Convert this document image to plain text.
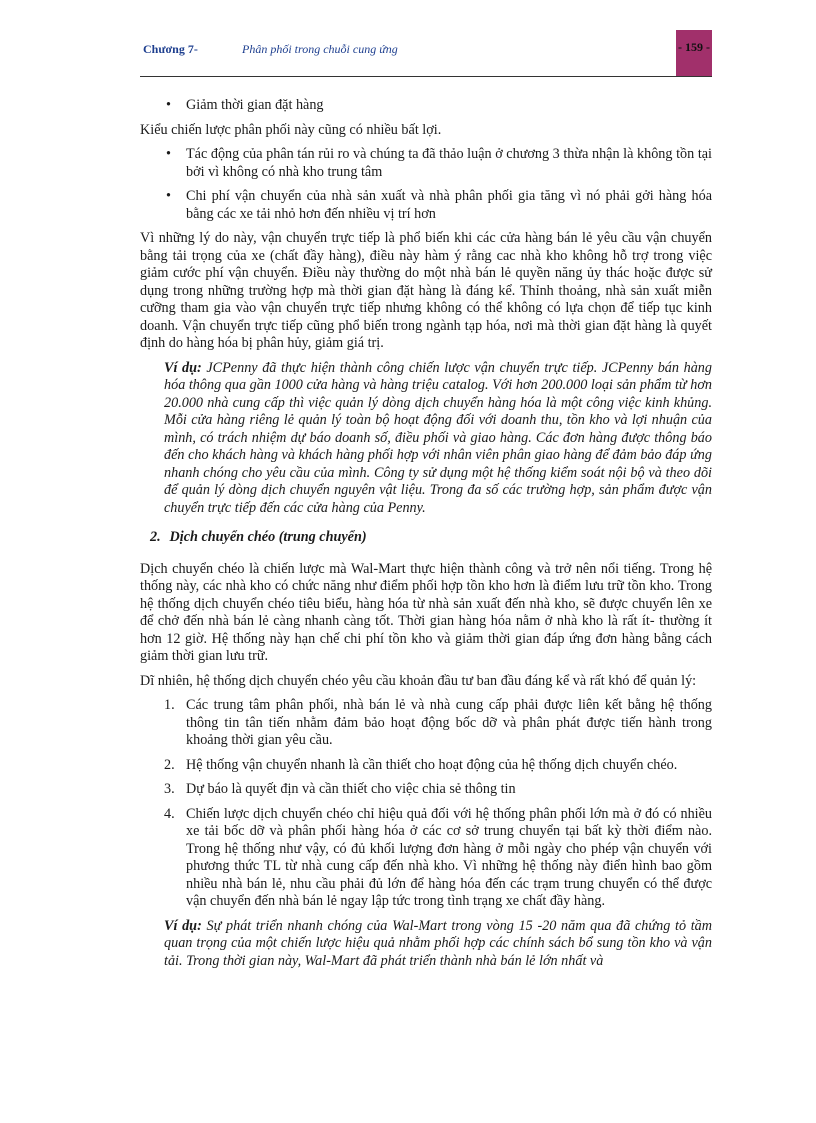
Chương 7-	Phân phối trong chuỗi cung ứng	- 159 -
• Giảm thời gian đặt hàng

Kiểu chiến lược phân phối này cũng có nhiều bất lợi.

• Tác động của phân tán rủi ro và chúng ta đã thảo luận ở chương 3 thừa nhận là không tồn tại bởi vì không có nhà kho trung tâm
• Chi phí vận chuyển của nhà sản xuất và nhà phân phối gia tăng vì nó phải gởi hàng hóa bằng các xe tải nhỏ hơn đến nhiều vị trí hơn

Vì những lý do này, vận chuyển trực tiếp là phổ biến khi các cửa hàng bán lẻ yêu cầu vận chuyển bằng tải trọng của xe (chất đầy hàng), điều này hàm ý rằng cac nhà kho không hỗ trợ trong việc giảm cước phí vận chuyển. Điều này thường do một nhà bán lẻ quyền năng ủy thác hoặc được sử dụng trong những trường hợp mà thời gian đặt hàng là đáng kể. Thỉnh thoảng, nhà sản xuất miễn cưỡng tham gia vào vận chuyển trực tiếp nhưng không có thể không có lựa chọn để tiếp tục kinh doanh. Vận chuyển trực tiếp cũng phổ biến trong ngành tạp hóa, nơi mà thời gian đặt hàng là quyết định do hàng hóa bị phân hủy, giảm giá trị.

Ví dụ: JCPenny đã thực hiện thành công chiến lược vận chuyển trực tiếp. JCPenny bán hàng hóa thông qua gần 1000 cửa hàng và hàng triệu catalog. Với hơn 200.000 loại sản phẩm từ hơn 20.000 nhà cung cấp thì việc quản lý dòng dịch chuyển hàng hóa là một công việc kinh khủng. Mỗi cửa hàng riêng lẻ quản lý toàn bộ hoạt động đối với doanh thu, tồn kho và lợi nhuận của mình, có trách nhiệm dự báo doanh số, điều phối và giao hàng. Các đơn hàng được thông báo đến cho khách hàng và khách hàng phối hợp với nhân viên phân giao hàng để đảm bảo đáp ứng nhanh chóng cho yêu cầu của mình. Công ty sử dụng một hệ thống kiểm soát nội bộ và theo dõi để quản lý dòng dịch chuyển nguyên vật liệu. Trong đa số các trường hợp, sản phẩm được vận chuyển trực tiếp đến các cửa hàng của Penny.

2. Dịch chuyển chéo (trung chuyển)

Dịch chuyển chéo là chiến lược mà Wal-Mart thực hiện thành công và trở nên nổi tiếng. Trong hệ thống này, các nhà kho có chức năng như điểm phối hợp tồn kho hơn là điểm lưu trữ tồn kho. Trong hệ thống dịch chuyển chéo tiêu biểu, hàng hóa từ nhà sản xuất đến nhà kho, sẽ được chuyển lên xe để chở đến nhà bán lẻ càng nhanh càng tốt. Thời gian hàng hóa nằm ở nhà kho là rất ít- thường ít hơn 12 giờ. Hệ thống này hạn chế chi phí tồn kho và giảm thời gian đáp ứng đơn hàng bằng cách giảm thời gian lưu trữ.

Dĩ nhiên, hệ thống dịch chuyển chéo yêu cầu khoản đầu tư ban đầu đáng kể và rất khó để quản lý:

1. Các trung tâm phân phối, nhà bán lẻ và nhà cung cấp phải được liên kết bằng hệ thống thông tin tân tiến nhằm đảm bảo hoạt động bốc dỡ và phân phát được tiến hành trong khoảng thời gian yêu cầu.
2. Hệ thống vận chuyển nhanh là cần thiết cho hoạt động của hệ thống dịch chuyển chéo.
3. Dự báo là quyết địn và cần thiết cho việc chia sẻ thông tin
4. Chiến lược dịch chuyển chéo chỉ hiệu quả đối với hệ thống phân phối lớn mà ở đó có nhiều xe tải bốc dỡ và phân phối hàng hóa ở các cơ sở trung chuyển tại bất kỳ thời điểm nào. Trong hệ thống như vậy, có đủ khối lượng đơn hàng ở mỗi ngày cho phép vận chuyển với phương thức TL từ nhà cung cấp đến nhà kho. Vì những hệ thống này điển hình bao gồm nhiều nhà bán lẻ, nhu cầu phải đủ lớn để hàng hóa đến các trạm trung chuyển có thể được vận chuyển đến nhà bán lẻ ngay lập tức trong tình trạng xe chất đầy hàng.

Ví dụ: Sự phát triển nhanh chóng của Wal-Mart trong vòng 15 -20 năm qua đã chứng tỏ tầm quan trọng của một chiến lược hiệu quả nhằm phối hợp các chính sách bổ sung tồn kho và vận tải. Trong thời gian này, Wal-Mart đã phát triển thành nhà bán lẻ lớn nhất và
